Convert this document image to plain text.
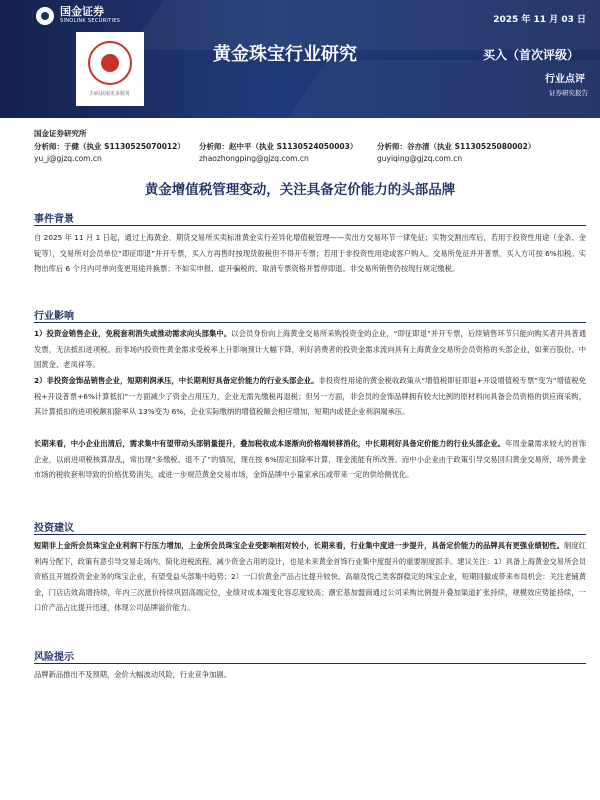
国金证券
SINOLINK SECURITIES	2025 年 11 月 03 日
扫码获取更多服务
黄金珠宝行业研究	买入（首次评级）
行业点评
证券研究报告
国金证券研究所
分析师：于健（执业 S1130525070012）
yu_j@gjzq.com.cn
分析师：赵中平（执业 S1130524050003）
zhaozhongping@gjzq.com.cn
分析师：谷亦清（执业 S1130525080002）
guyiqing@gjzq.com.cn
黄金增值税管理变动，关注具备定价能力的头部品牌
事件背景
自 2025 年 11 月 1 日起，通过上海黄金、期货交易所买卖标准黄金实行差异化增值税管理——卖出方交易环节一律免征；实物交割出库后，若用于投资性用途（金条、金锭等），交易所对会员单位“即征即退”并开专票，买入方再售时按现货般税但不得开专票；若用于非投资性用途或客户购入，交易所免征并开普票，买入方可按 6%扣税。实物出库后 6 个月内可单向变更用途并换票；不如实申报、虚开骗税的，取消专票资格并暂停即退。非交易所销售仍按现行规定缴税。
行业影响
1）投资金销售企业，免税套利消失或推动需求向头部集中。以会员身份向上海黄金交易所采购投资金的企业，“即征即退”并开专票，后续销售环节只能向购买者开具普通发票，无法抵扣进项税。而非场内投资性黄金需求受税率上升影响预计大幅下降，利好消费者的投资金需求流向具有上海黄金交易所会员资格的头部企业，如莱百股份、中国黄金、老凤祥等。
2）非投资金饰品销售企业，短期利润承压，中长期利好具备定价能力的行业头部企业。非投资性用途的黄金税收政策从“增值税即征即退+开设增值税专票”变为“增值税免税+开设普票+6%计算抵扣”一方面减少了资金占用压力，企业无需先缴税再退税；但另一方面，非会员的金饰品牌拥有较大比例的原材料向具备会员资格的供应商采购，其计算抵扣的进项税额扣除率从 13%变为 6%，企业实际缴纳的增值税额会相应增加，短期内或使企业利润端承压。
长期来看，中小企业出清后，需求集中有望带动头部销量提升，叠加税收成本逐渐向价格端转移消化，中长期利好具备定价能力的行业头部企业。年周金量需求较大的首饰企业，以前进项税核算混乱，常出现“多缴税、退不了”的情况，现在按 6%固定扣除率计算，现金流能有所改善。而中小企业由于政策引导交易回归黄金交易所，场外黄金市场的税收套利导致的价格优势消失，或进一步规范黄金交易市场，金饰品牌中小量家承压或带来一定的供给侧优化。
投资建议
短期非上金所会员珠宝企业利润下行压力增加，上金所会员珠宝企业受影响相对较小，长期来看，行业集中度进一步提升，具备定价能力的品牌具有更强业绩韧性。制度红利再分配下，政策有意引导交易走场内、简化进税流程、减少资金占用的设计，也是未来黄金首饰行业集中度提升的重要制度抓手。建议关注：1）具备上海黄金交易所会员资格且开展投资金业务的珠宝企业，有望受益头部集中趋势；2）一口价黄金产品占比提升较快、高端及悦己类客群稳定的珠宝企业，短期回撤或带来布局机会：关注老铺黄金，门店店效高增持续，年内三次涨价持续巩固高端定位，业绩对成本端变化容忍度较高；潮宏基加盟商通过公司采购比例提升叠加渠道扩张持续，规模效应势能持续，一口价产品占比提升迅速，体现公司品牌溢价能力。
风险提示
品牌新品推出不及预期，金价大幅波动风险，行业竞争加剧。
